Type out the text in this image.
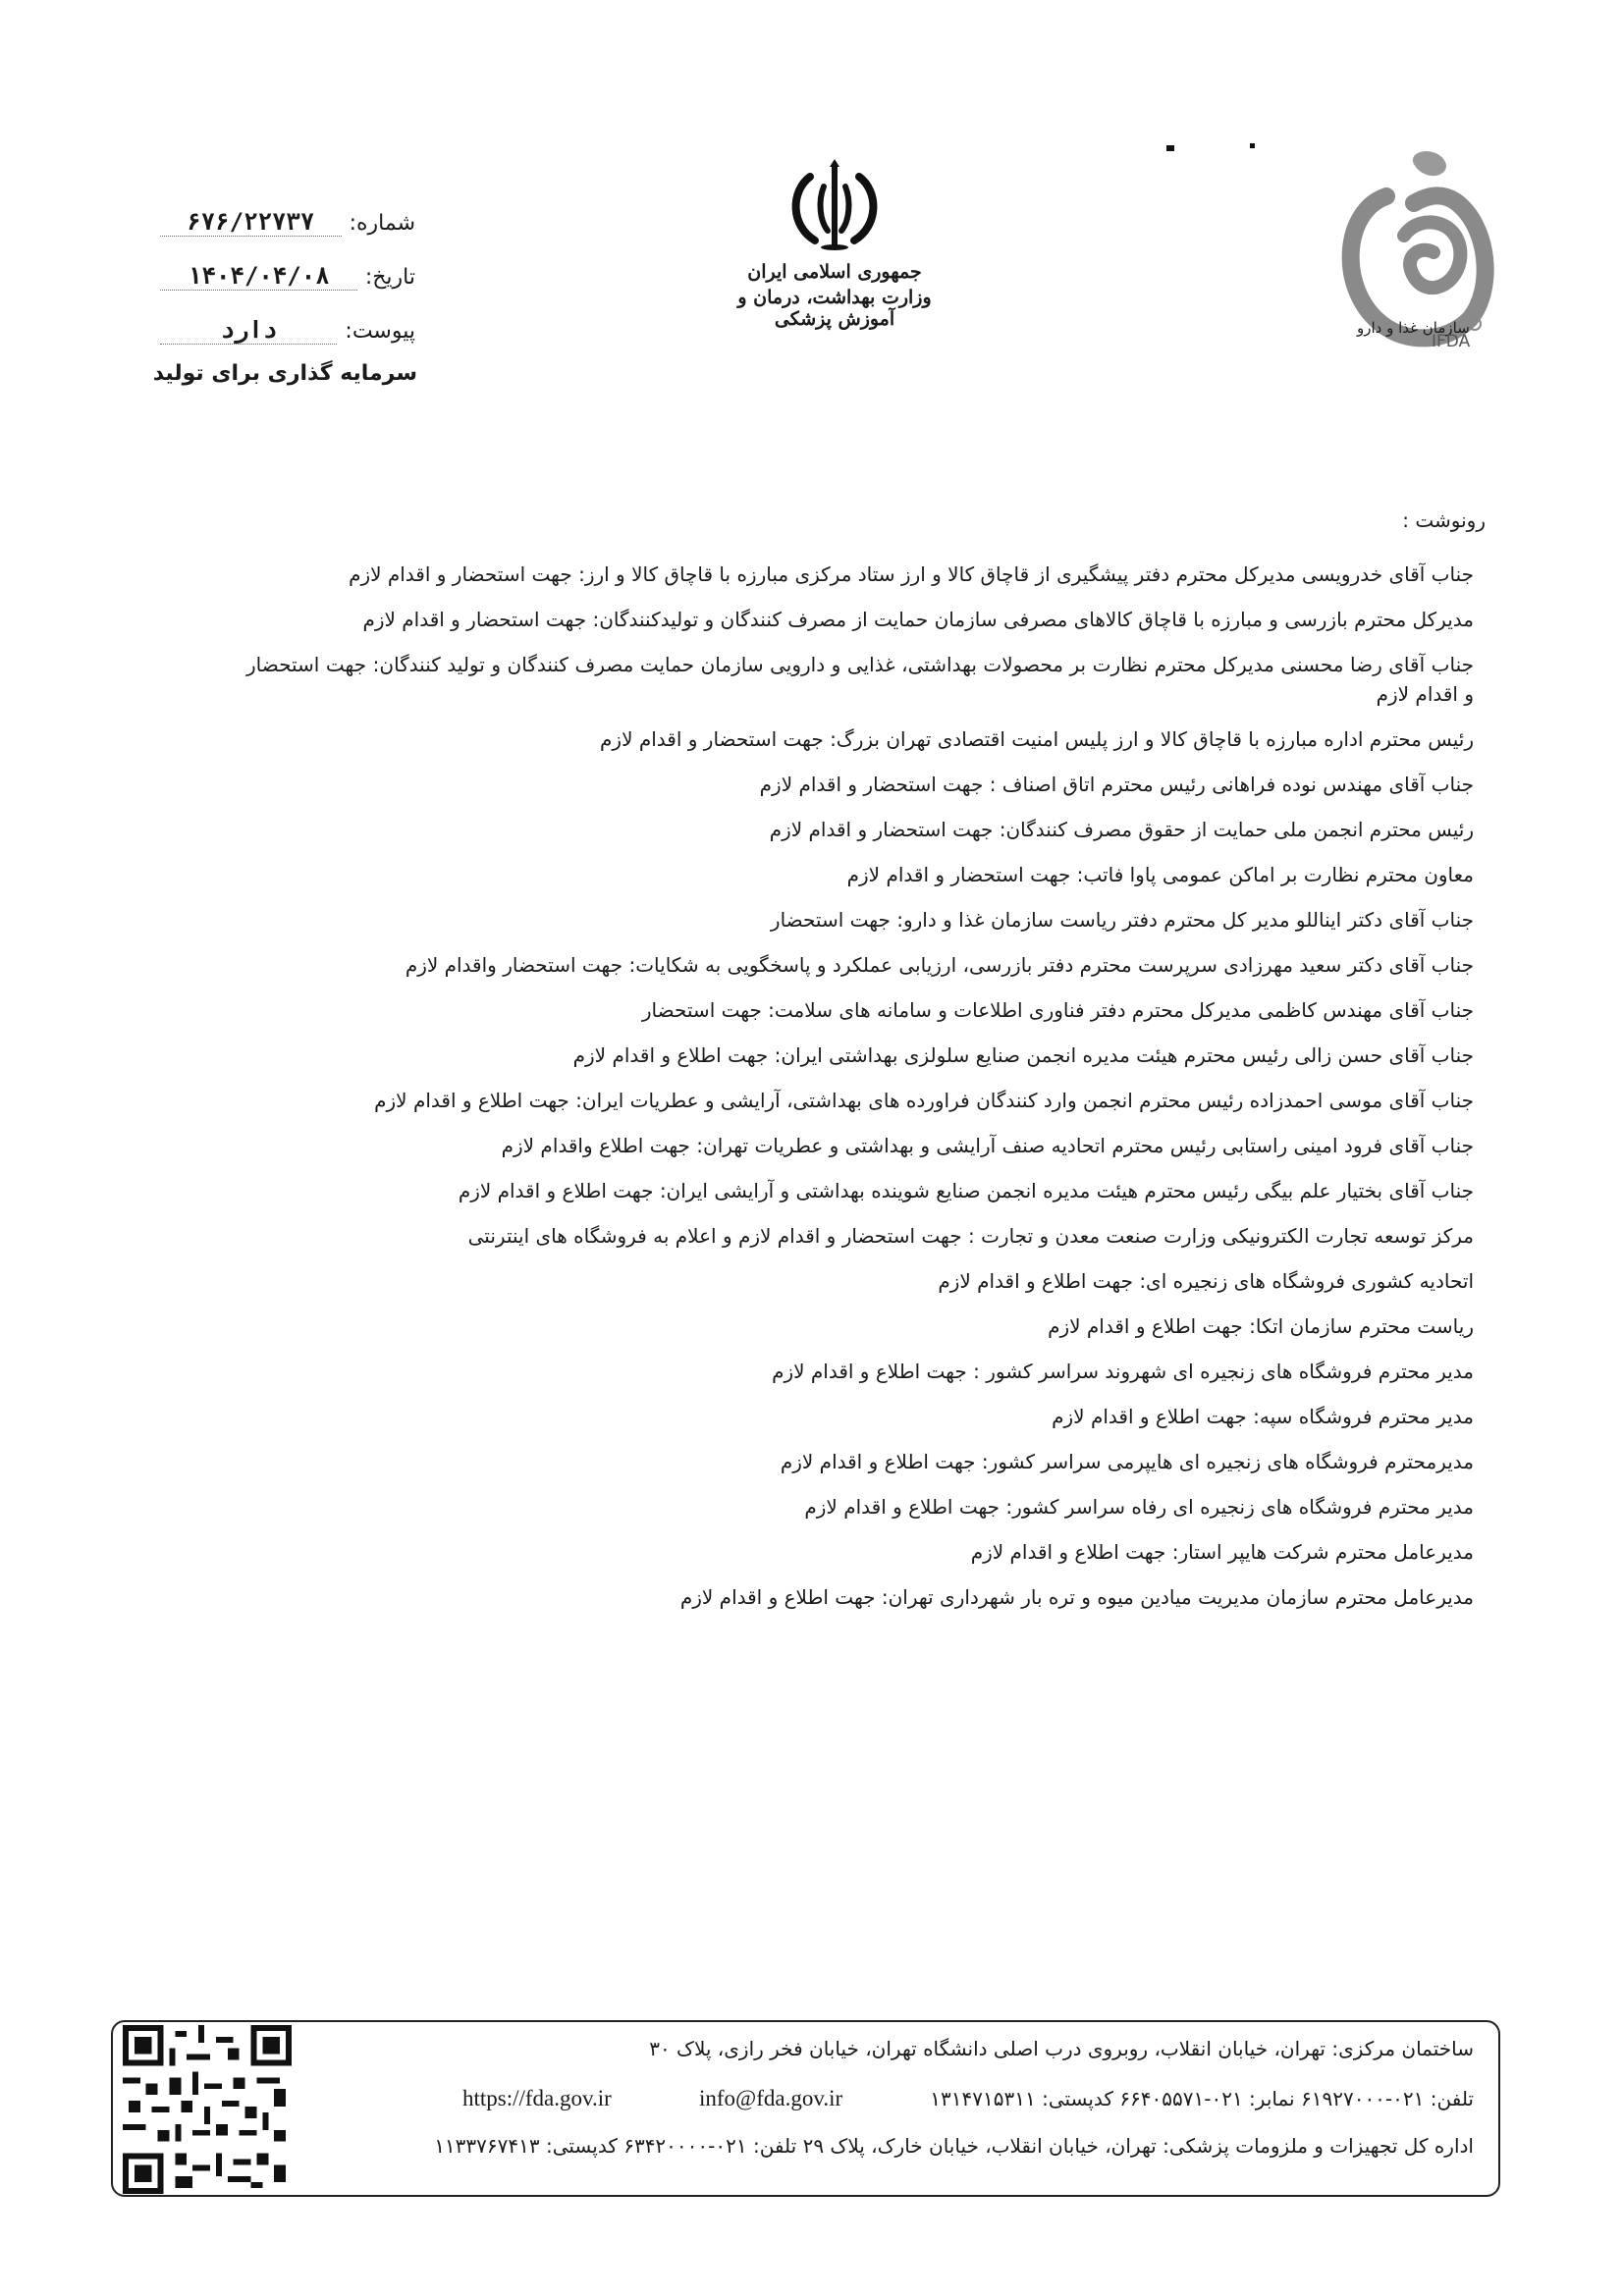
شماره:
۶۷۶/۲۲۷۳۷
تاریخ:
۱۴۰۴/۰۴/۰۸
پیوست:
دارد
سرمایه گذاری برای تولید
جمهوری اسلامی ایران
وزارت بهداشت، درمان و آموزش پزشکی	سازمان غذا و دارو
IFDA
رونوشت :
جناب آقای خدرویسی مدیرکل محترم دفتر پیشگیری از قاچاق کالا و ارز ستاد مرکزی مبارزه با قاچاق کالا و ارز: جهت استحضار و اقدام لازم
مدیرکل محترم بازرسی و مبارزه با قاچاق کالاهای مصرفی سازمان حمایت از مصرف کنندگان و تولیدکنندگان: جهت استحضار و اقدام لازم
جناب آقای رضا محسنی مدیرکل محترم نظارت بر محصولات بهداشتی، غذایی و دارویی سازمان حمایت مصرف کنندگان و تولید کنندگان: جهت استحضار و اقدام لازم
رئیس محترم اداره مبارزه با قاچاق کالا و ارز پلیس امنیت اقتصادی تهران بزرگ: جهت استحضار و اقدام لازم
جناب آقای مهندس نوده فراهانی رئیس محترم اتاق اصناف : جهت استحضار و اقدام لازم
رئیس محترم انجمن ملی حمایت از حقوق مصرف کنندگان: جهت استحضار و اقدام لازم
معاون محترم نظارت بر اماکن عمومی پاوا فاتب: جهت استحضار و اقدام لازم
جناب آقای دکتر ایناللو مدیر کل محترم دفتر ریاست سازمان غذا و دارو: جهت استحضار
جناب آقای دکتر سعید مهرزادی سرپرست محترم دفتر بازرسی، ارزیابی عملکرد و پاسخگویی به شکایات: جهت استحضار واقدام لازم
جناب آقای مهندس کاظمی مدیرکل محترم دفتر فناوری اطلاعات و سامانه های سلامت: جهت استحضار
جناب آقای حسن زالی رئیس محترم هیئت مدیره انجمن صنایع سلولزی بهداشتی ایران: جهت اطلاع و اقدام لازم
جناب آقای موسی احمدزاده رئیس محترم انجمن وارد کنندگان فراورده های بهداشتی، آرایشی و عطریات ایران: جهت اطلاع و اقدام لازم
جناب آقای فرود امینی راستابی رئیس محترم اتحادیه صنف آرایشی و بهداشتی و عطریات تهران: جهت اطلاع واقدام لازم
جناب آقای بختیار علم بیگی رئیس محترم هیئت مدیره انجمن صنایع شوینده بهداشتی و آرایشی ایران: جهت اطلاع و اقدام لازم
مرکز توسعه تجارت الکترونیکی وزارت صنعت معدن و تجارت : جهت استحضار و اقدام لازم و اعلام به فروشگاه های اینترنتی
اتحادیه کشوری فروشگاه های زنجیره ای: جهت اطلاع و اقدام لازم
ریاست محترم سازمان اتکا: جهت اطلاع و اقدام لازم
مدیر محترم فروشگاه های زنجیره ای شهروند سراسر کشور : جهت اطلاع و اقدام لازم
مدیر محترم فروشگاه سپه: جهت اطلاع و اقدام لازم
مدیرمحترم فروشگاه های زنجیره ای هایپرمی سراسر کشور: جهت اطلاع و اقدام لازم
مدیر محترم فروشگاه های زنجیره ای رفاه سراسر کشور: جهت اطلاع و اقدام لازم
مدیرعامل محترم شرکت هایپر استار: جهت اطلاع و اقدام لازم
مدیرعامل محترم سازمان مدیریت میادین میوه و تره بار شهرداری تهران: جهت اطلاع و اقدام لازم
ساختمان مرکزی: تهران، خیابان انقلاب، روبروی درب اصلی دانشگاه تهران، خیابان فخر رازی، پلاک ۳۰
تلفن: ۰۲۱-۶۱۹۲۷۰۰۰ نمابر: ۰۲۱-۶۶۴۰۵۵۷۱ کدپستی: ۱۳۱۴۷۱۵۳۱۱
info@fda.gov.ir
https://fda.gov.ir
اداره کل تجهیزات و ملزومات پزشکی: تهران، خیابان انقلاب، خیابان خارک، پلاک ۲۹ تلفن: ۰۲۱-۶۳۴۲۰۰۰۰ کدپستی: ۱۱۳۳۷۶۷۴۱۳
